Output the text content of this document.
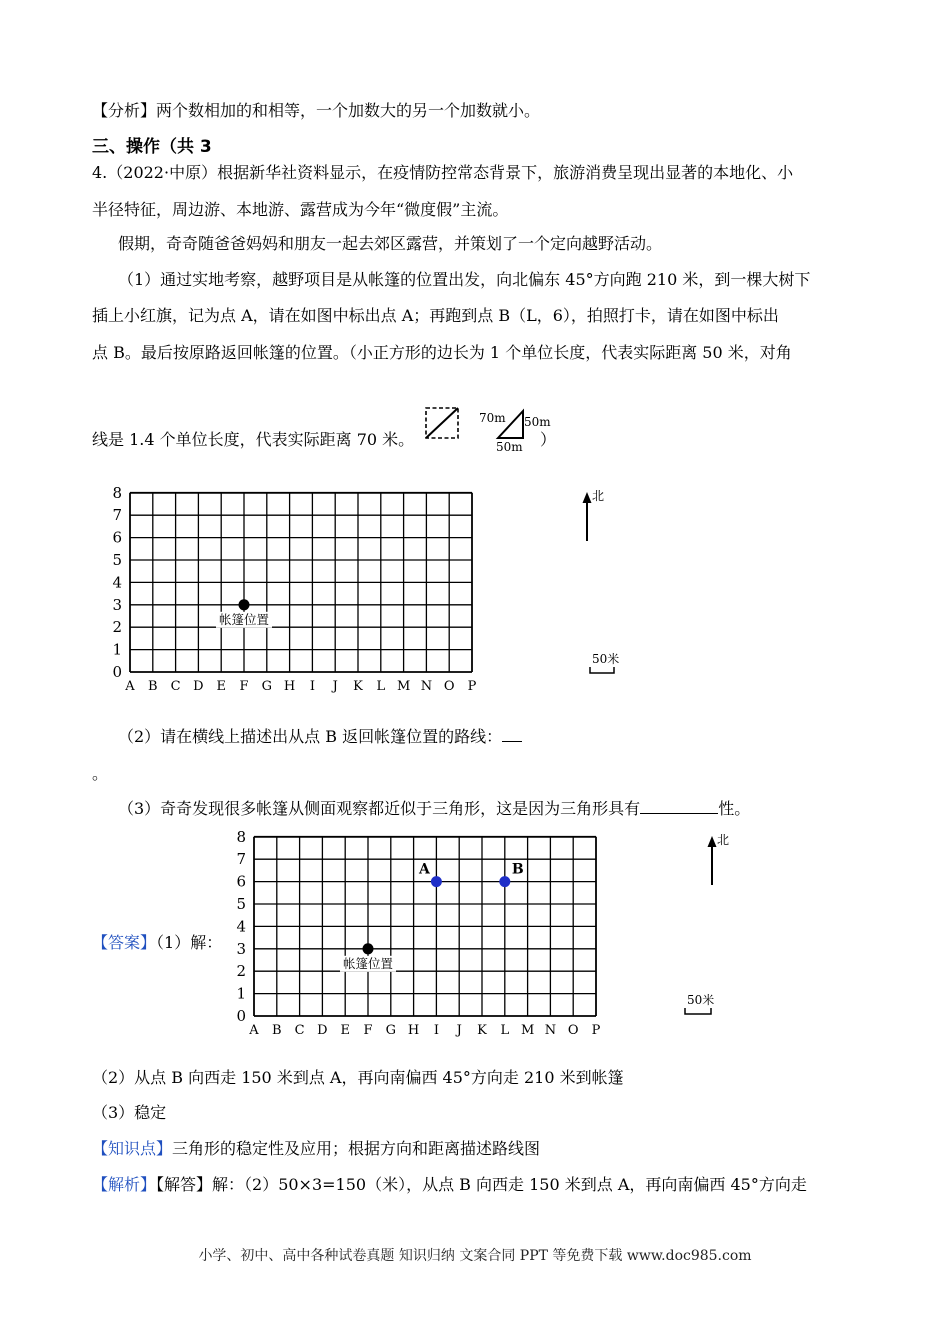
【分析】两个数相加的和相等，一个加数大的另一个加数就小。
三、操作（共 3
4.（2022·中原）根据新华社资料显示，在疫情防控常态背景下，旅游消费呈现出显著的本地化、小
半径特征，周边游、本地游、露营成为今年“微度假”主流。
假期，奇奇随爸爸妈妈和朋友一起去郊区露营，并策划了一个定向越野活动。
（1）通过实地考察，越野项目是从帐篷的位置出发，向北偏东 45°方向跑 210 米，到一棵大树下
插上小红旗，记为点 A，请在如图中标出点 A；再跑到点 B（L，6），拍照打卡，请在如图中标出
点 B。最后按原路返回帐篷的位置。（小正方形的边长为 1 个单位长度，代表实际距离 50 米，对角
线是 1.4 个单位长度，代表实际距离 70 米。	）
70m 50m
50m
A B C D E F G H I J K L M N O P
0
1
2
3
4
5
6
7
8
帐篷位置
北
50米
（2）请在横线上描述出从点 B 返回帐篷位置的路线：
。
（3）奇奇发现很多帐篷从侧面观察都近似于三角形，这是因为三角形具有	性。
【答案】（1）解：
A B C D E F G H I J K L M N O P
0
1
2
3
4
5
6
7
8
帐篷位置
A	B
北
50米
（2）从点 B 向西走 150 米到点 A，再向南偏西 45°方向走 210 米到帐篷
（3）稳定
【知识点】三角形的稳定性及应用；根据方向和距离描述路线图
【解析】【解答】解：（2）50×3=150（米），从点 B 向西走 150 米到点 A，再向南偏西 45°方向走
小学、初中、高中各种试卷真题 知识归纳 文案合同 PPT 等免费下载 www.doc985.com
